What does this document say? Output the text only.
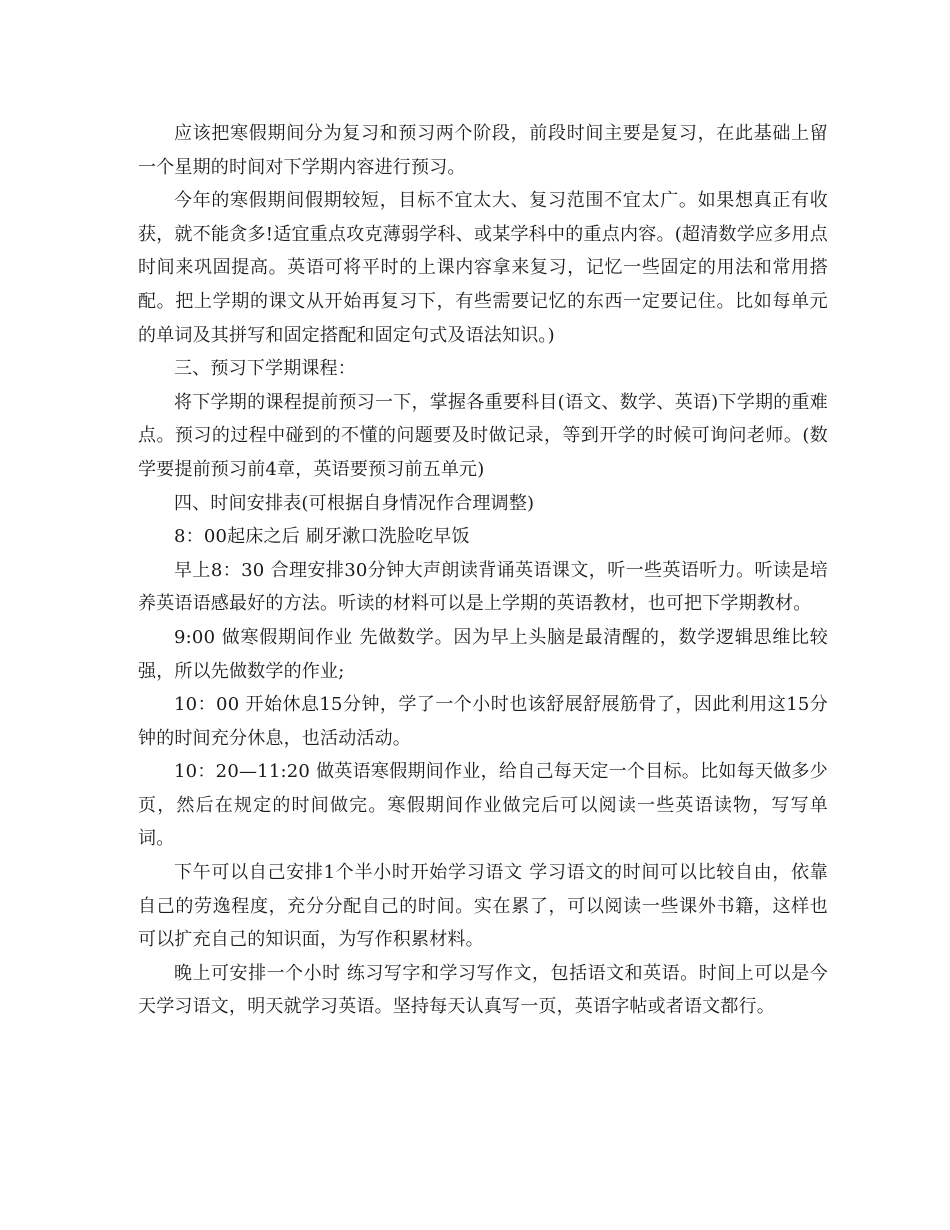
应该把寒假期间分为复习和预习两个阶段，前段时间主要是复习，在此基础上留一个星期的时间对下学期内容进行预习。

今年的寒假期间假期较短，目标不宜太大、复习范围不宜太广。如果想真正有收获，就不能贪多!适宜重点攻克薄弱学科、或某学科中的重点内容。(超清数学应多用点时间来巩固提高。英语可将平时的上课内容拿来复习，记忆一些固定的用法和常用搭配。把上学期的课文从开始再复习下，有些需要记忆的东西一定要记住。比如每单元的单词及其拼写和固定搭配和固定句式及语法知识。)

三、预习下学期课程：

将下学期的课程提前预习一下，掌握各重要科目(语文、数学、英语)下学期的重难点。预习的过程中碰到的不懂的问题要及时做记录，等到开学的时候可询问老师。(数学要提前预习前4章，英语要预习前五单元)

四、时间安排表(可根据自身情况作合理调整)

8：00起床之后 刷牙漱口洗脸吃早饭

早上8：30 合理安排30分钟大声朗读背诵英语课文，听一些英语听力。听读是培养英语语感最好的方法。听读的材料可以是上学期的英语教材，也可把下学期教材。

9:00 做寒假期间作业 先做数学。因为早上头脑是最清醒的，数学逻辑思维比较强，所以先做数学的作业;

10：00 开始休息15分钟，学了一个小时也该舒展舒展筋骨了，因此利用这15分钟的时间充分休息，也活动活动。

10：20—11:20 做英语寒假期间作业，给自己每天定一个目标。比如每天做多少页，然后在规定的时间做完。寒假期间作业做完后可以阅读一些英语读物，写写单词。

下午可以自己安排1个半小时开始学习语文 学习语文的时间可以比较自由，依靠自己的劳逸程度，充分分配自己的时间。实在累了，可以阅读一些课外书籍，这样也可以扩充自己的知识面，为写作积累材料。

晚上可安排一个小时 练习写字和学习写作文，包括语文和英语。时间上可以是今天学习语文，明天就学习英语。坚持每天认真写一页，英语字帖或者语文都行。
